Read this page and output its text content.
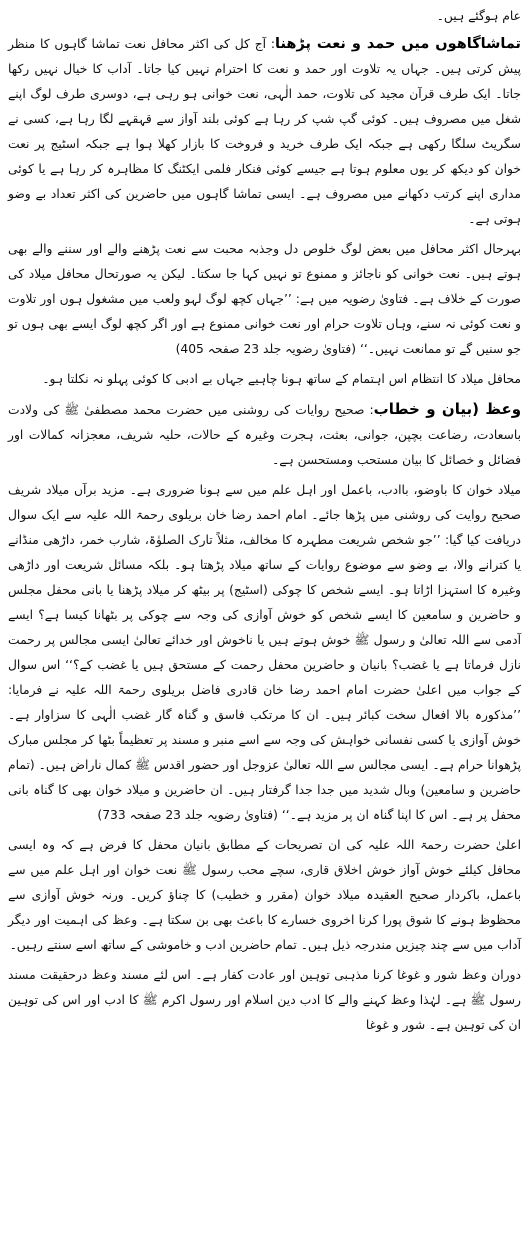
عام ہوگئے ہیں۔

تماشاگاھوں میں حمد و نعت پڑھنا: آج کل کی اکثر محافل نعت تماشا گاہوں کا منظر پیش کرتی ہیں۔ جہاں یہ تلاوت اور حمد و نعت کا احترام نہیں کیا جاتا۔ آداب کا خیال نہیں رکھا جاتا۔ ایک طرف قرآن مجید کی تلاوت، حمد الٰہی، نعت خوانی ہو رہی ہے، دوسری طرف لوگ اپنے شغل میں مصروف ہیں۔ کوئی گپ شپ کر رہا ہے کوئی بلند آواز سے قہقہے لگا رہا ہے، کسی نے سگریٹ سلگا رکھی ہے جبکہ ایک طرف خرید و فروخت کا بازار کھلا ہوا ہے جبکہ اسٹیج پر نعت خوان کو دیکھ کر یوں معلوم ہوتا ہے جیسے کوئی فنکار فلمی ایکٹنگ کا مظاہرہ کر رہا ہے یا کوئی مداری اپنے کرتب دکھانے میں مصروف ہے۔ ایسی تماشا گاہوں میں حاضرین کی اکثر تعداد بے وضو ہوتی ہے۔

بہرحال اکثر محافل میں بعض لوگ خلوص دل وجذبہ محبت سے نعت پڑھنے والے اور سننے والے بھی ہوتے ہیں۔ نعت خوانی کو ناجائز و ممنوع تو نہیں کہا جا سکتا۔ لیکن یہ صورتحال محافل میلاد کی صورت کے خلاف ہے۔ فتاویٰ رضویہ میں ہے: ’’جہاں کچھ لوگ لہو ولعب میں مشغول ہوں اور تلاوت و نعت کوئی نہ سنے، وہاں تلاوت حرام اور نعت خوانی ممنوع ہے اور اگر کچھ لوگ ایسے بھی ہوں تو جو سنیں گے تو ممانعت نہیں۔‘‘ (فتاویٰ رضویہ جلد 23 صفحہ 405)

محافل میلاد کا انتظام اس اہتمام کے ساتھ ہونا چاہیے جہاں بے ادبی کا کوئی پہلو نہ نکلتا ہو۔

وعظ (بیان و خطاب: صحیح روایات کی روشنی میں حضرت محمد مصطفیٰ ﷺ کی ولادت باسعادت، رضاعت بچپن، جوانی، بعثت، ہجرت وغیرہ کے حالات، حلیہ شریف، معجزانہ کمالات اور فضائل و خصائل کا بیان مستحب ومستحسن ہے۔

میلاد خوان کا باوضو، باادب، باعمل اور اہل علم میں سے ہونا ضروری ہے۔ مزید برآں میلاد شریف صحیح روایت کی روشنی میں پڑھا جائے۔ امام احمد رضا خان بریلوی رحمۃ اللہ علیہ سے ایک سوال دریافت کیا گیا: ’’جو شخص شریعت مطہرہ کا مخالف، مثلاً تارک الصلوٰۃ، شارب خمر، داڑھی منڈانے یا کترانے والا، بے وضو سے موضوع روایات کے ساتھ میلاد پڑھتا ہو۔ بلکہ مسائل شریعت اور داڑھی وغیرہ کا استہزا اڑاتا ہو۔ ایسے شخص کا چوکی (اسٹیج) پر بیٹھ کر میلاد پڑھنا یا بانی محفل مجلس و حاضرین و سامعین کا ایسے شخص کو خوش آوازی کی وجہ سے چوکی پر بٹھانا کیسا ہے؟ ایسے آدمی سے اللہ تعالیٰ و رسول ﷺ خوش ہوتے ہیں یا ناخوش اور خدائے تعالیٰ ایسی مجالس پر رحمت نازل فرماتا ہے یا غضب؟ بانیان و حاضرین محفل رحمت کے مستحق ہیں یا غضب کے؟‘‘ اس سوال کے جواب میں اعلیٰ حضرت امام احمد رضا خان قادری فاضل بریلوی رحمۃ اللہ علیہ نے فرمایا: ’’مذکورہ بالا افعال سخت کبائر ہیں۔ ان کا مرتکب فاسق و گناہ گار غضب الٰہی کا سزاوار ہے۔ خوش آوازی یا کسی نفسانی خواہش کی وجہ سے اسے منبر و مسند پر تعظیماً بٹھا کر مجلس مبارک پڑھوانا حرام ہے۔ ایسی مجالس سے اللہ تعالیٰ عزوجل اور حضور اقدس ﷺ کمال ناراض ہیں۔ (تمام حاضرین و سامعین) وبال شدید میں جدا جدا گرفتار ہیں۔ ان حاضرین و میلاد خوان بھی کا گناہ بانی محفل پر ہے۔ اس کا اپنا گناہ ان پر مزید ہے۔‘‘ (فتاویٰ رضویہ جلد 23 صفحہ 733)

اعلیٰ حضرت رحمۃ اللہ علیہ کی ان تصریحات کے مطابق بانیان محفل کا فرض ہے کہ وہ ایسی محافل کیلئے خوش آواز خوش اخلاق قاری، سچے محب رسول ﷺ نعت خوان اور اہل علم میں سے باعمل، باکردار صحیح العقیدہ میلاد خوان (مقرر و خطیب) کا چناؤ کریں۔ ورنہ خوش آوازی سے محظوظ ہونے کا شوق پورا کرنا اخروی خسارے کا باعث بھی بن سکتا ہے۔ وعظ کی اہمیت اور دیگر آداب میں سے چند چیزیں مندرجہ ذیل ہیں۔ تمام حاضرین ادب و خاموشی کے ساتھ اسے سنتے رہیں۔

دوران وعظ شور و غوغا کرنا مذہبی توہین اور عادت کفار ہے۔ اس لئے مسند وعظ درحقیقت مسند رسول ﷺ ہے۔ لہٰذا وعظ کہنے والے کا ادب دین اسلام اور رسول اکرم ﷺ کا ادب اور اس کی توہین ان کی توہین ہے۔ شور و غوغا
